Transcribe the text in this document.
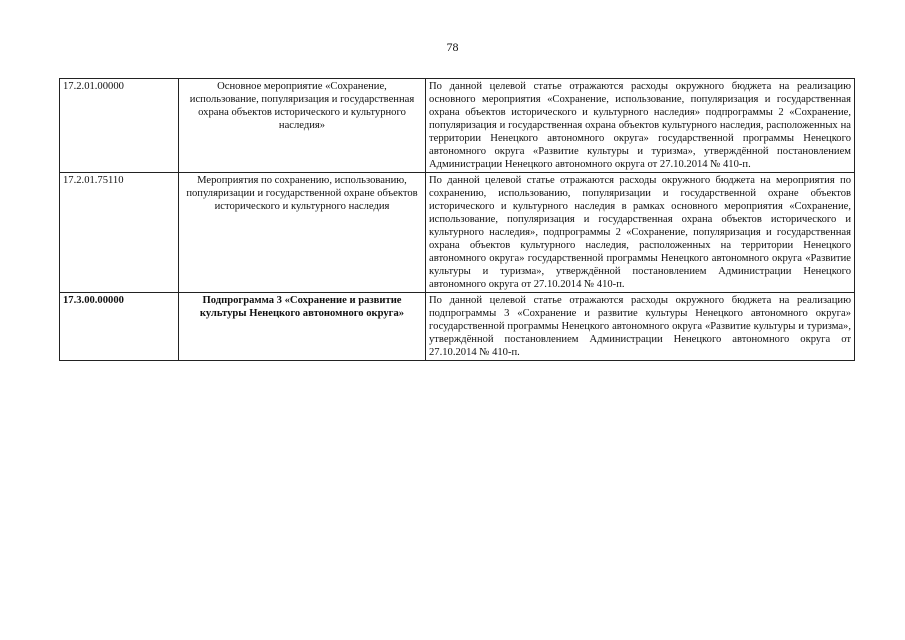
78
17.2.01.00000	Основное мероприятие «Сохранение, использование, популяризация и государственная охрана объектов исторического и культурного наследия»	По данной целевой статье отражаются расходы окружного бюджета на реализацию основного мероприятия «Сохранение, использование, популяризация и государственная охрана объектов исторического и культурного наследия» подпрограммы 2 «Сохранение, популяризация и государственная охрана объектов культурного наследия, расположенных на территории Ненецкого автономного округа» государственной программы Ненецкого автономного округа «Развитие культуры и туризма», утверждённой постановлением Администрации Ненецкого автономного округа от 27.10.2014 № 410-п.
17.2.01.75110	Мероприятия по сохранению, использованию, популяризации и государственной охране объектов исторического и культурного наследия	По данной целевой статье отражаются расходы окружного бюджета на мероприятия по сохранению, использованию, популяризации и государственной охране объектов исторического и культурного наследия в рамках основного мероприятия «Сохранение, использование, популяризация и государственная охрана объектов исторического и культурного наследия», подпрограммы 2 «Сохранение, популяризация и государственная охрана объектов культурного наследия, расположенных на территории Ненецкого автономного округа» государственной программы Ненецкого автономного округа «Развитие культуры и туризма», утверждённой постановлением Администрации Ненецкого автономного округа от 27.10.2014 № 410-п.
17.3.00.00000	Подпрограмма 3 «Сохранение и развитие культуры Ненецкого автономного округа»	По данной целевой статье отражаются расходы окружного бюджета на реализацию подпрограммы 3 «Сохранение и развитие культуры Ненецкого автономного округа» государственной программы Ненецкого автономного округа «Развитие культуры и туризма», утверждённой постановлением Администрации Ненецкого автономного округа от 27.10.2014 № 410-п.
